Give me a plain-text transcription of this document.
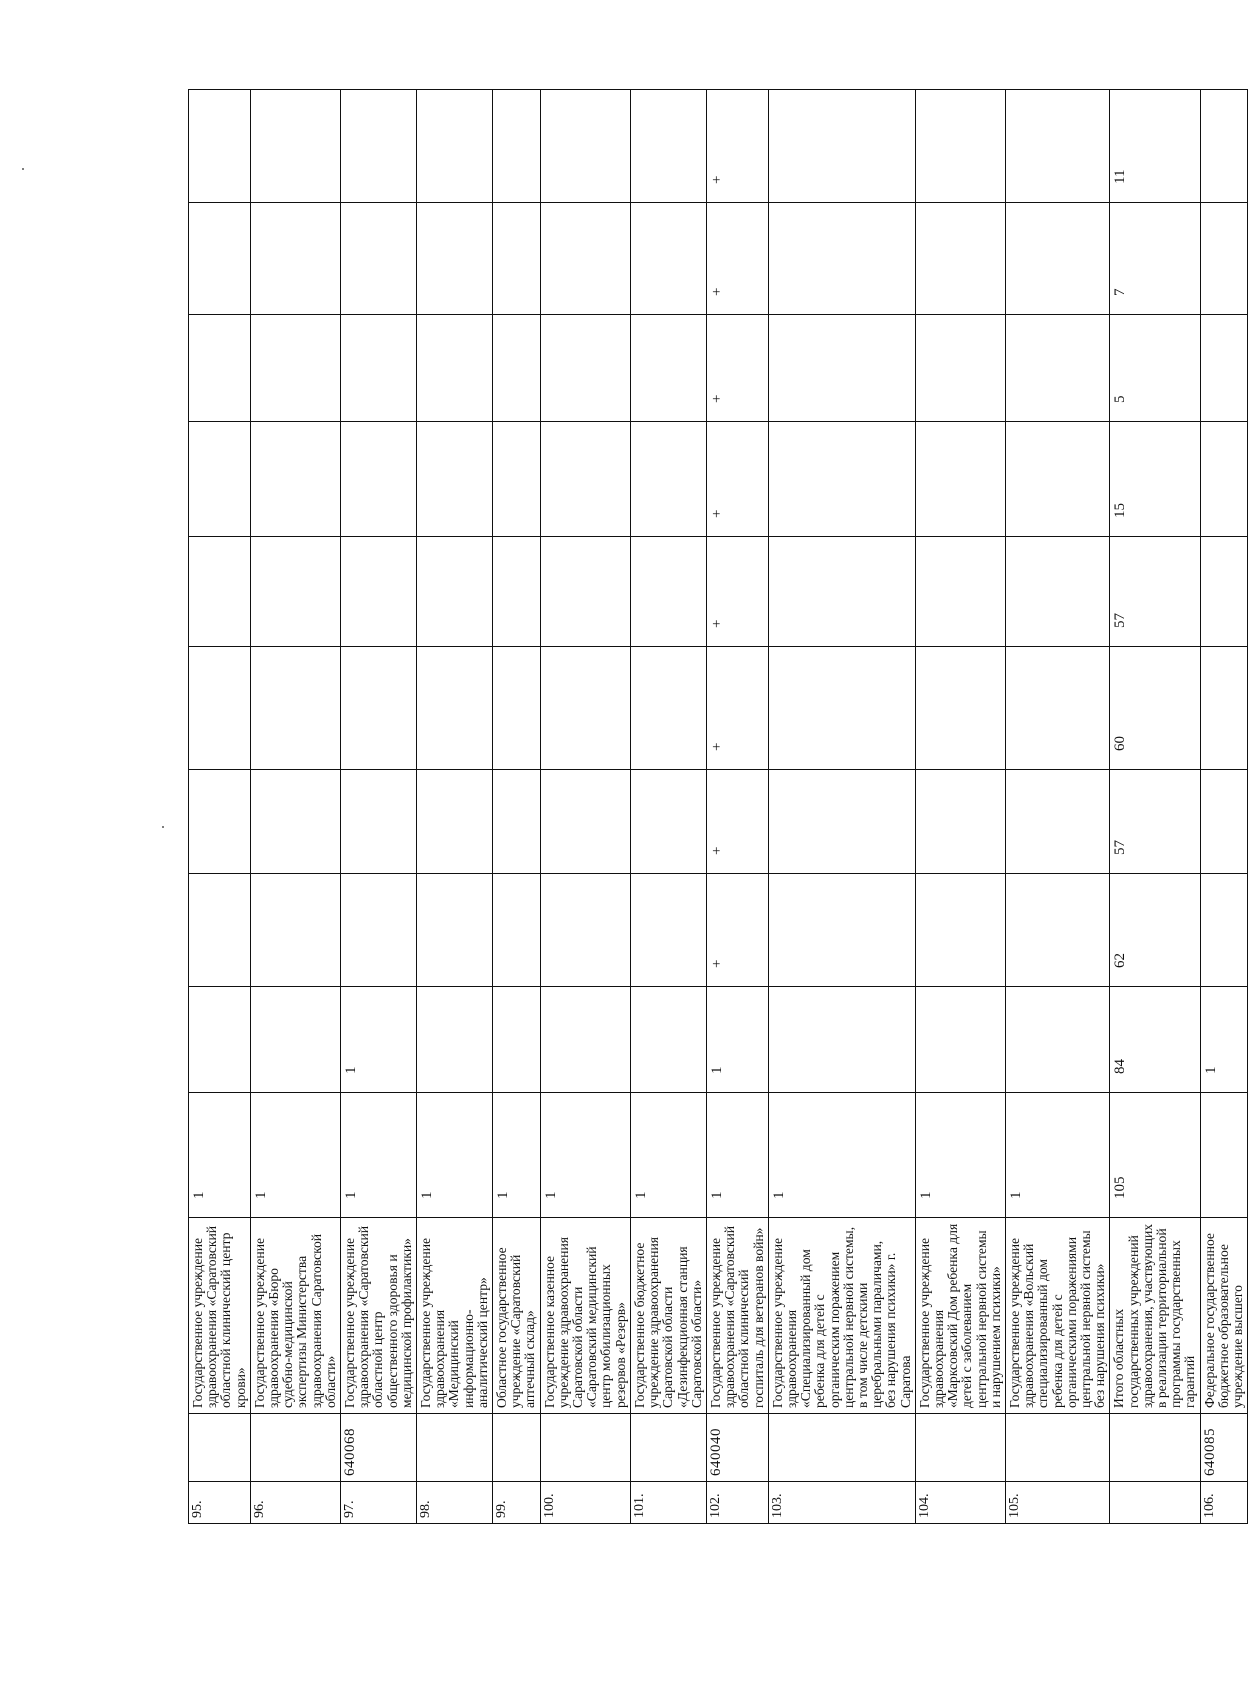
95.		Государственное учреждение здравоохранения «Саратовский областной клинический центр крови»	1									
96.		Государственное учреждение здравоохранения «Бюро судебно-медицинской экспертизы Министерства здравоохранения Саратовской области»	1									
97.	640068	Государственное учреждение здравоохранения «Саратовский областной центр общественного здоровья и медицинской профилактики»	1	1								
98.		Государственное учреждение здравоохранения «Медицинский информационно-аналитический центр»	1									
99.		Областное государственное учреждение «Саратовский аптечный склад»	1									
100.		Государственное казенное учреждение здравоохранения Саратовской области «Саратовский медицинский центр мобилизационных резервов «Резерв»	1									
101.		Государственное бюджетное учреждение здравоохранения Саратовской области «Дезинфекционная станция Саратовской области»	1									
102.	640040	Государственное учреждение здравоохранения «Саратовский областной клинический госпиталь для ветеранов войн»	1	1	+	+	+	+	+	+	+	+
103.		Государственное учреждение здравоохранения «Специализированный дом ребенка для детей с органическим поражением центральной нервной системы, в том числе детскими церебральными параличами, без нарушения психики» г. Саратова	1									
104.		Государственное учреждение здравоохранения «Марксовский Дом ребенка для детей с заболеванием центральной нервной системы и нарушением психики»	1									
105.		Государственное учреждение здравоохранения «Вольский специализированный дом ребенка для детей с органическими поражениями центральной нервной системы без нарушения психики»	1									
		Итого областных государственных учреждений здравоохранения, участвующих в реализации территориальной программы государственных гарантий	105	84	62	57	60	57	15	5	7	11
106.	640085	Федеральное государственное бюджетное образовательное учреждение высшего		1								
